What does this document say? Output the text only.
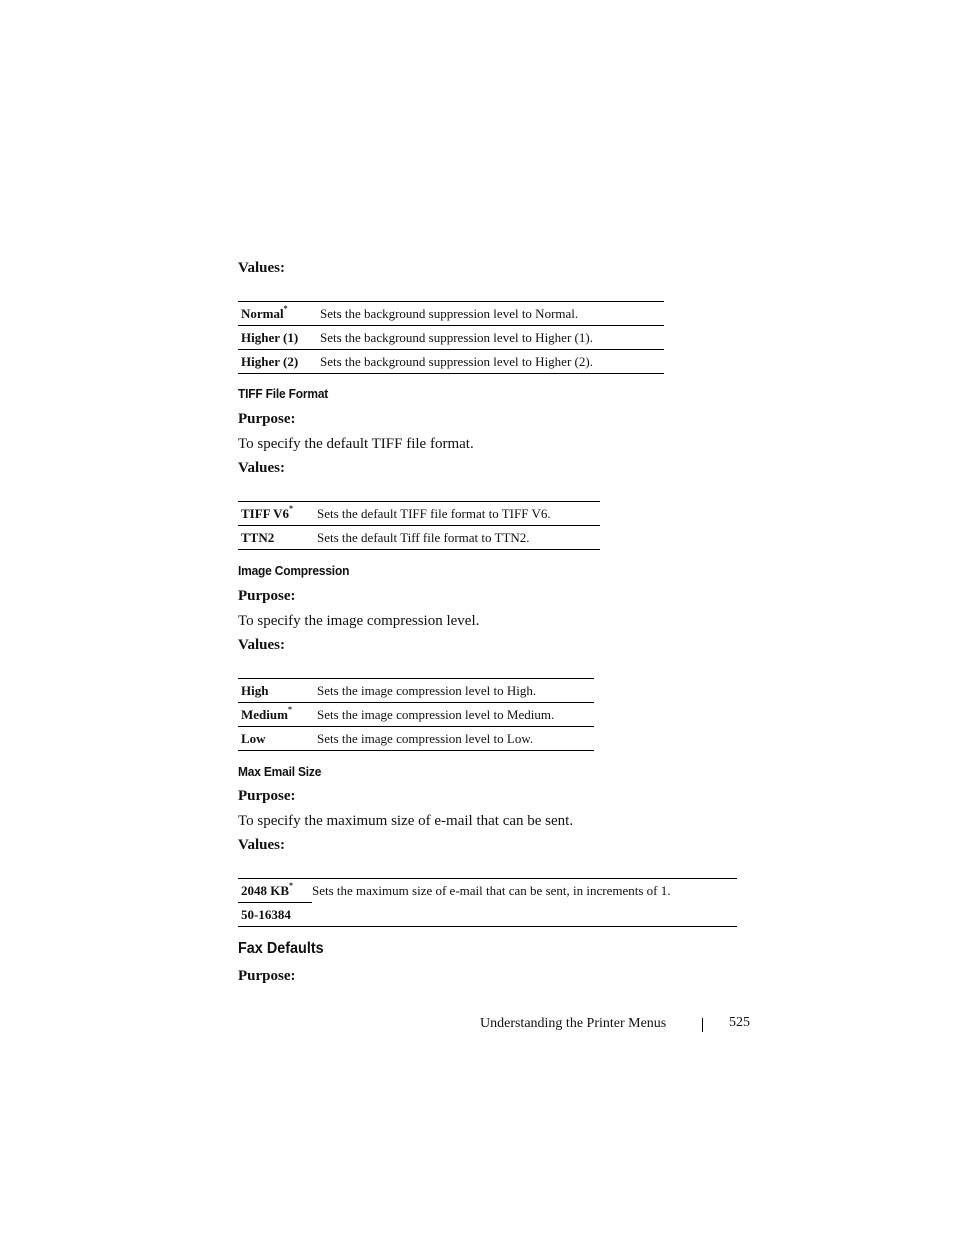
Values:
Normal*	Sets the background suppression level to Normal.
Higher (1)	Sets the background suppression level to Higher (1).
Higher (2)	Sets the background suppression level to Higher (2).
TIFF File Format
Purpose:
To specify the default TIFF file format.
Values:
TIFF V6*	Sets the default TIFF file format to TIFF V6.
TTN2	Sets the default Tiff file format to TTN2.
Image Compression
Purpose:
To specify the image compression level.
Values:
High	Sets the image compression level to High.
Medium*	Sets the image compression level to Medium.
Low	Sets the image compression level to Low.
Max Email Size
Purpose:
To specify the maximum size of e-mail that can be sent.
Values:
2048 KB*	Sets the maximum size of e-mail that can be sent, in increments of 1.
50-16384	
Fax Defaults
Purpose:
Understanding the Printer Menus	525
